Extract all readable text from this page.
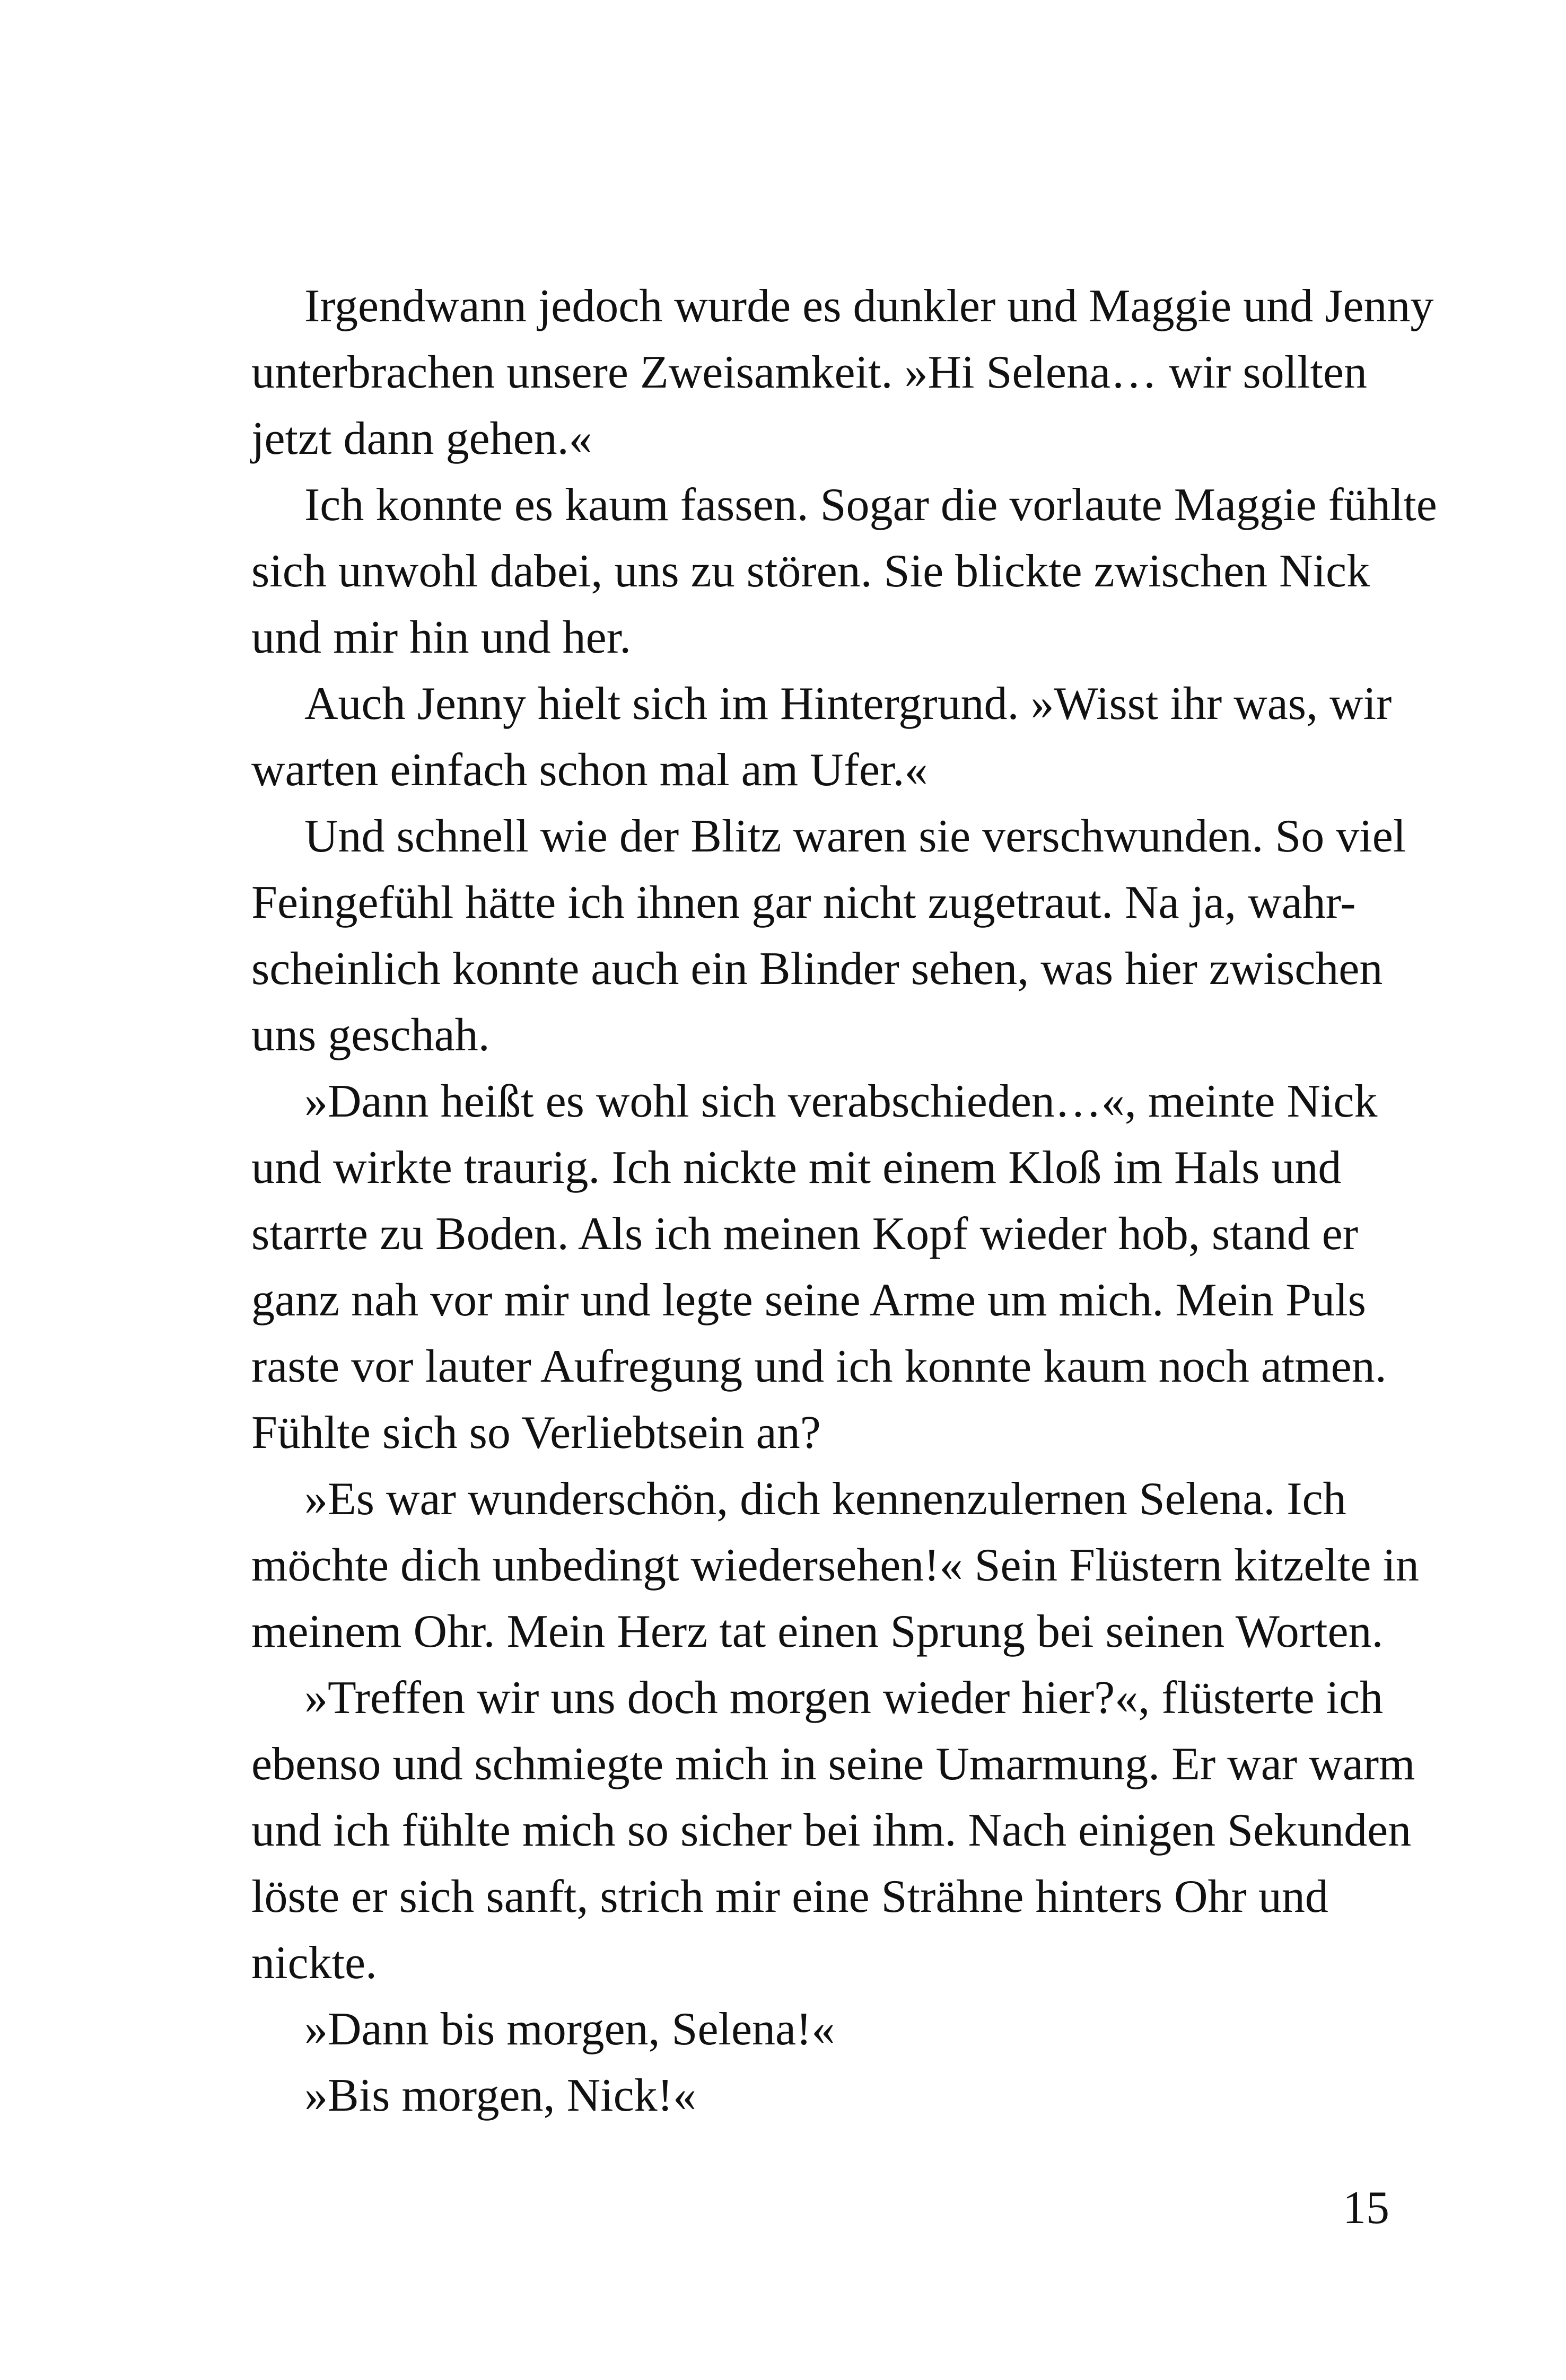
Irgendwann jedoch wurde es dunkler und Maggie und Jenny
unterbrachen unsere Zweisamkeit. »Hi Selena… wir sollten
jetzt dann gehen.«
Ich konnte es kaum fassen. Sogar die vorlaute Maggie fühlte
sich unwohl dabei, uns zu stören. Sie blickte zwischen Nick
und mir hin und her.
Auch Jenny hielt sich im Hintergrund. »Wisst ihr was, wir
warten einfach schon mal am Ufer.«
Und schnell wie der Blitz waren sie verschwunden. So viel
Feingefühl hätte ich ihnen gar nicht zugetraut. Na ja, wahr-
scheinlich konnte auch ein Blinder sehen, was hier zwischen
uns geschah.
»Dann heißt es wohl sich verabschieden…«, meinte Nick
und wirkte traurig. Ich nickte mit einem Kloß im Hals und
starrte zu Boden. Als ich meinen Kopf wieder hob, stand er
ganz nah vor mir und legte seine Arme um mich. Mein Puls
raste vor lauter Aufregung und ich konnte kaum noch atmen.
Fühlte sich so Verliebtsein an?
»Es war wunderschön, dich kennenzulernen Selena. Ich
möchte dich unbedingt wiedersehen!« Sein Flüstern kitzelte in
meinem Ohr. Mein Herz tat einen Sprung bei seinen Worten.
»Treffen wir uns doch morgen wieder hier?«, flüsterte ich
ebenso und schmiegte mich in seine Umarmung. Er war warm
und ich fühlte mich so sicher bei ihm. Nach einigen Sekunden
löste er sich sanft, strich mir eine Strähne hinters Ohr und
nickte.
»Dann bis morgen, Selena!«
»Bis morgen, Nick!«
15
